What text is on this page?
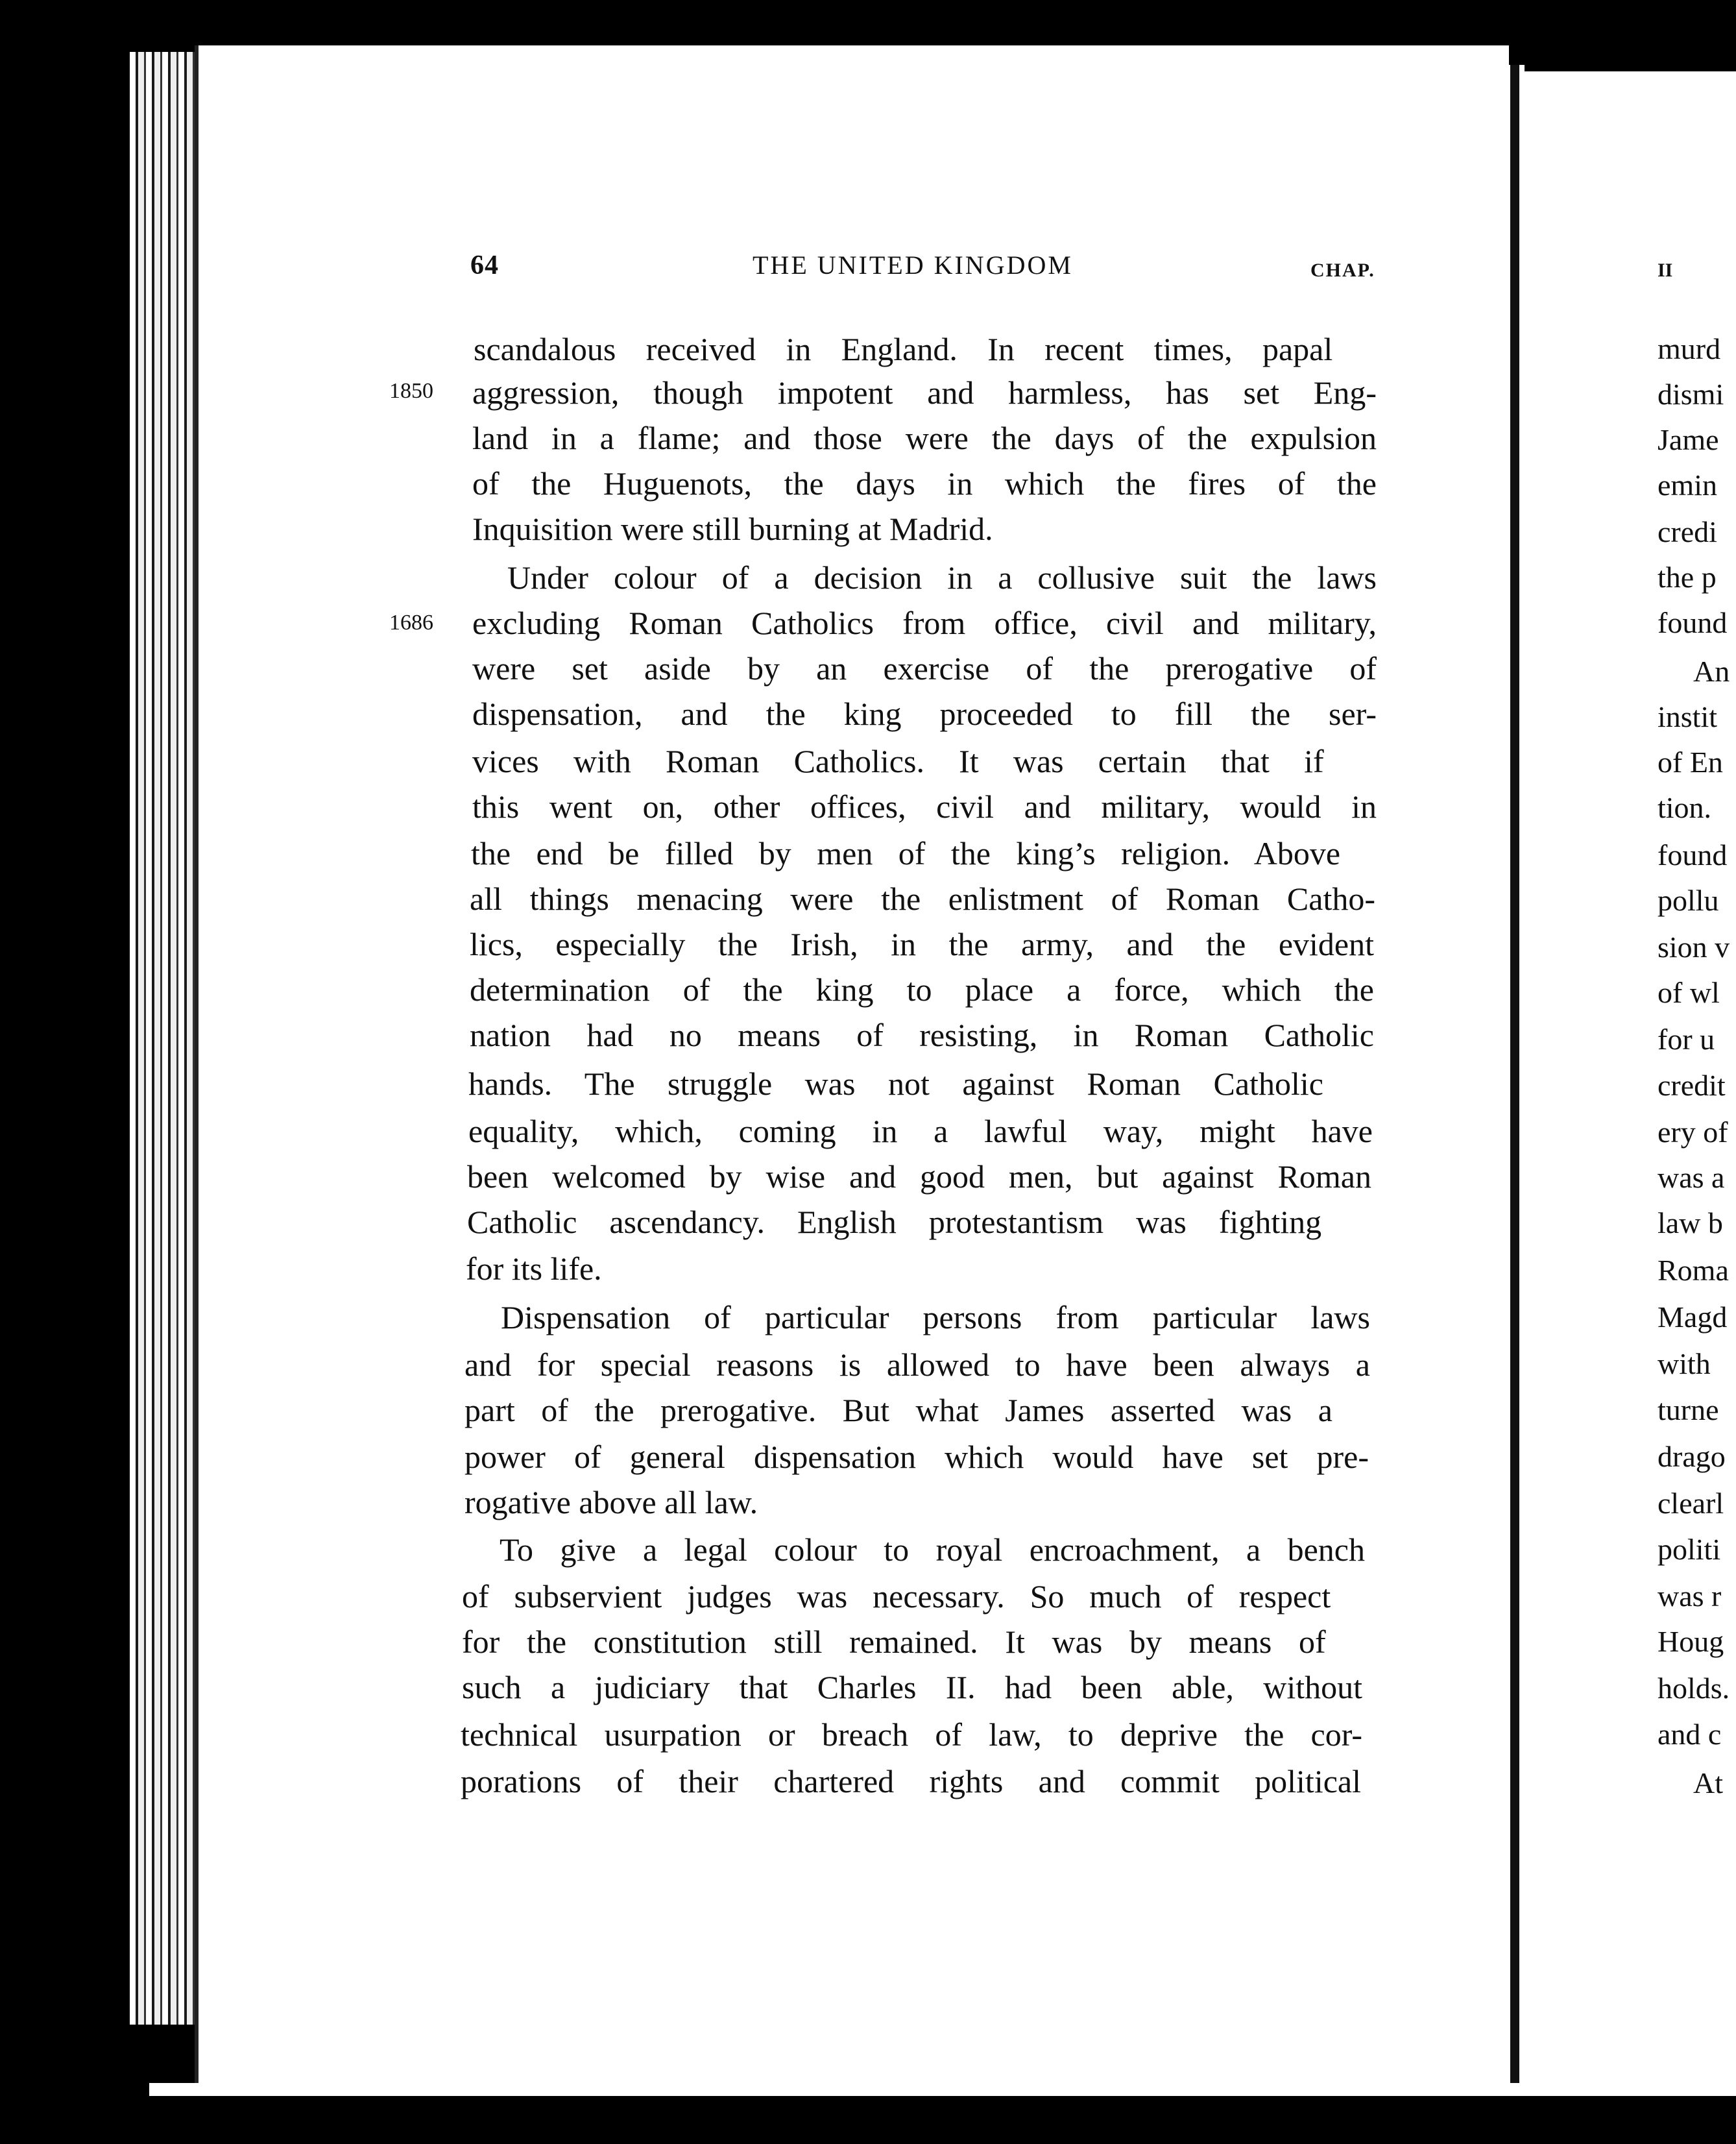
64	THE UNITED KINGDOM	CHAP.
1850
1686
scandalous received in England. In recent times, papal
aggression, though impotent and harmless, has set Eng-
land in a flame; and those were the days of the expulsion
of the Huguenots, the days in which the fires of the
Inquisition were still burning at Madrid.
Under colour of a decision in a collusive suit the laws
excluding Roman Catholics from office, civil and military,
were set aside by an exercise of the prerogative of
dispensation, and the king proceeded to fill the ser-
vices with Roman Catholics. It was certain that if
this went on, other offices, civil and military, would in
the end be filled by men of the king’s religion. Above
all things menacing were the enlistment of Roman Catho-
lics, especially the Irish, in the army, and the evident
determination of the king to place a force, which the
nation had no means of resisting, in Roman Catholic
hands. The struggle was not against Roman Catholic
equality, which, coming in a lawful way, might have
been welcomed by wise and good men, but against Roman
Catholic ascendancy. English protestantism was fighting
for its life.
Dispensation of particular persons from particular laws
and for special reasons is allowed to have been always a
part of the prerogative. But what James asserted was a
power of general dispensation which would have set pre-
rogative above all law.
To give a legal colour to royal encroachment, a bench
of subservient judges was necessary. So much of respect
for the constitution still remained. It was by means of
such a judiciary that Charles II. had been able, without
technical usurpation or breach of law, to deprive the cor-
porations of their chartered rights and commit political
II
murd
dismi
Jame
emin
credi
the p
found
An
instit
of En
tion.
found
pollu
sion v
of wl
for u
credit
ery of
was a
law b
Roma
Magd
with
turne
drago
clearl
politi
was r
Houg
holds.
and c
At
